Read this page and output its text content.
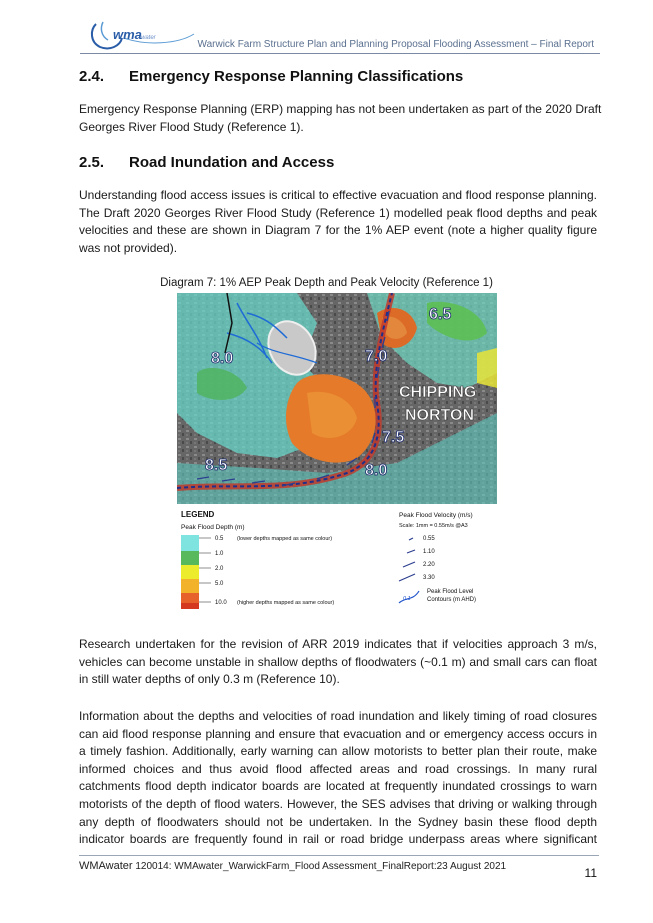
wma water
Warwick Farm Structure Plan and Planning Proposal Flooding Assessment – Final Report
2.4. Emergency Response Planning Classifications
Emergency Response Planning (ERP) mapping has not been undertaken as part of the 2020 Draft
Georges River Flood Study (Reference 1).
2.5. Road Inundation and Access
Understanding flood access issues is critical to effective evacuation and flood response planning.
The Draft 2020 Georges River Flood Study (Reference 1) modelled peak flood depths and peak
velocities and these are shown in Diagram 7 for the 1% AEP event (note a higher quality figure
was not provided).
Diagram 7: 1% AEP Peak Depth and Peak Velocity (Reference 1)
6.5
8.0	7.0
7.5
8.5	8.0
CHIPPING
NORTON
LEGEND
Peak Flood Depth (m)
Peak Flood Velocity (m/s)
Scale: 1mm = 0.55m/s @A3
0.5
1.0
2.0
5.0
10.0
(lower depths mapped as same colour)
(higher depths mapped as same colour)
0.55
1.10
2.20
3.30
0.1
Peak Flood Level
Contours (m AHD)
Research undertaken for the revision of ARR 2019 indicates that if velocities approach 3 m/s,
vehicles can become unstable in shallow depths of floodwaters (~0.1 m) and small cars can float
in still water depths of only 0.3 m (Reference 10).
Information about the depths and velocities of road inundation and likely timing of road closures
can aid flood response planning and ensure that evacuation and or emergency access occurs in
a timely fashion. Additionally, early warning can allow motorists to better plan their route, make
informed choices and thus avoid flood affected areas and road crossings. In many rural
catchments flood depth indicator boards are located at frequently inundated crossings to warn
motorists of the depth of flood waters. However, the SES advises that driving or walking through
any depth of floodwaters should not be undertaken. In the Sydney basin these flood depth
indicator boards are frequently found in rail or road bridge underpass areas where significant
WMAwater 120014: WMAwater_WarwickFarm_Flood Assessment_FinalReport:23 August 2021	11
